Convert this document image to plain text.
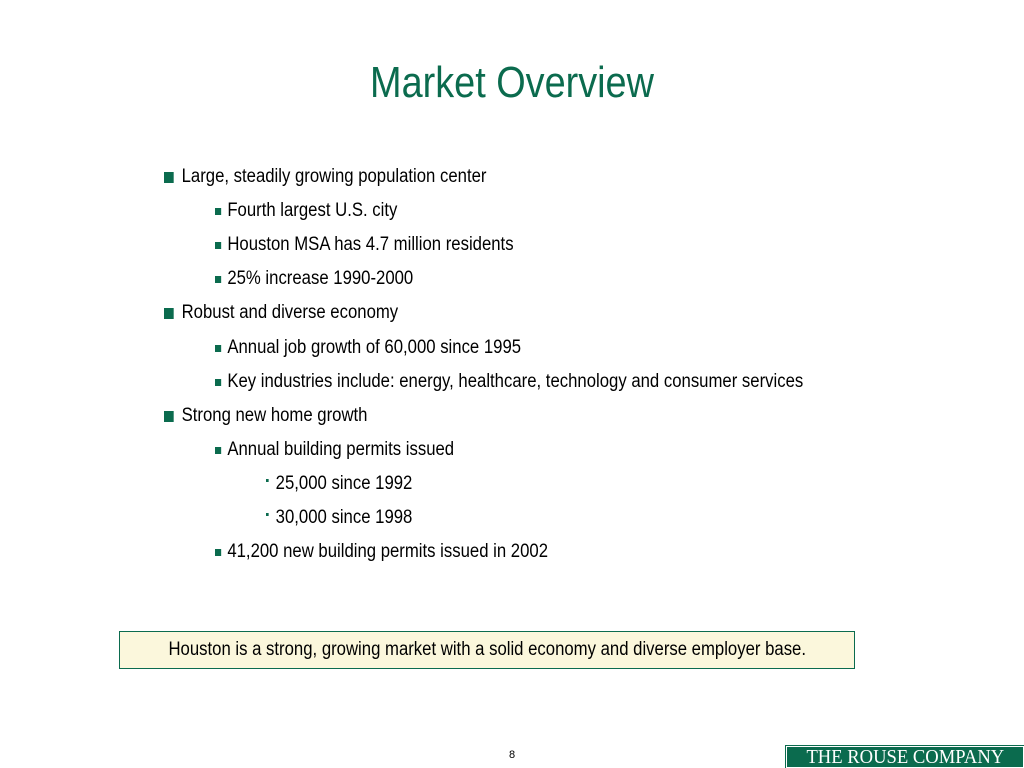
Market Overview
Large, steadily growing population center
Fourth largest U.S. city
Houston MSA has 4.7 million residents
25% increase 1990-2000
Robust and diverse economy
Annual job growth of 60,000 since 1995
Key industries include: energy, healthcare, technology and consumer services
Strong new home growth
Annual building permits issued
25,000 since 1992
30,000 since 1998
41,200 new building permits issued in 2002
Houston is a strong, growing market with a solid economy and diverse employer base.
8	THE ROUSE COMPANY
